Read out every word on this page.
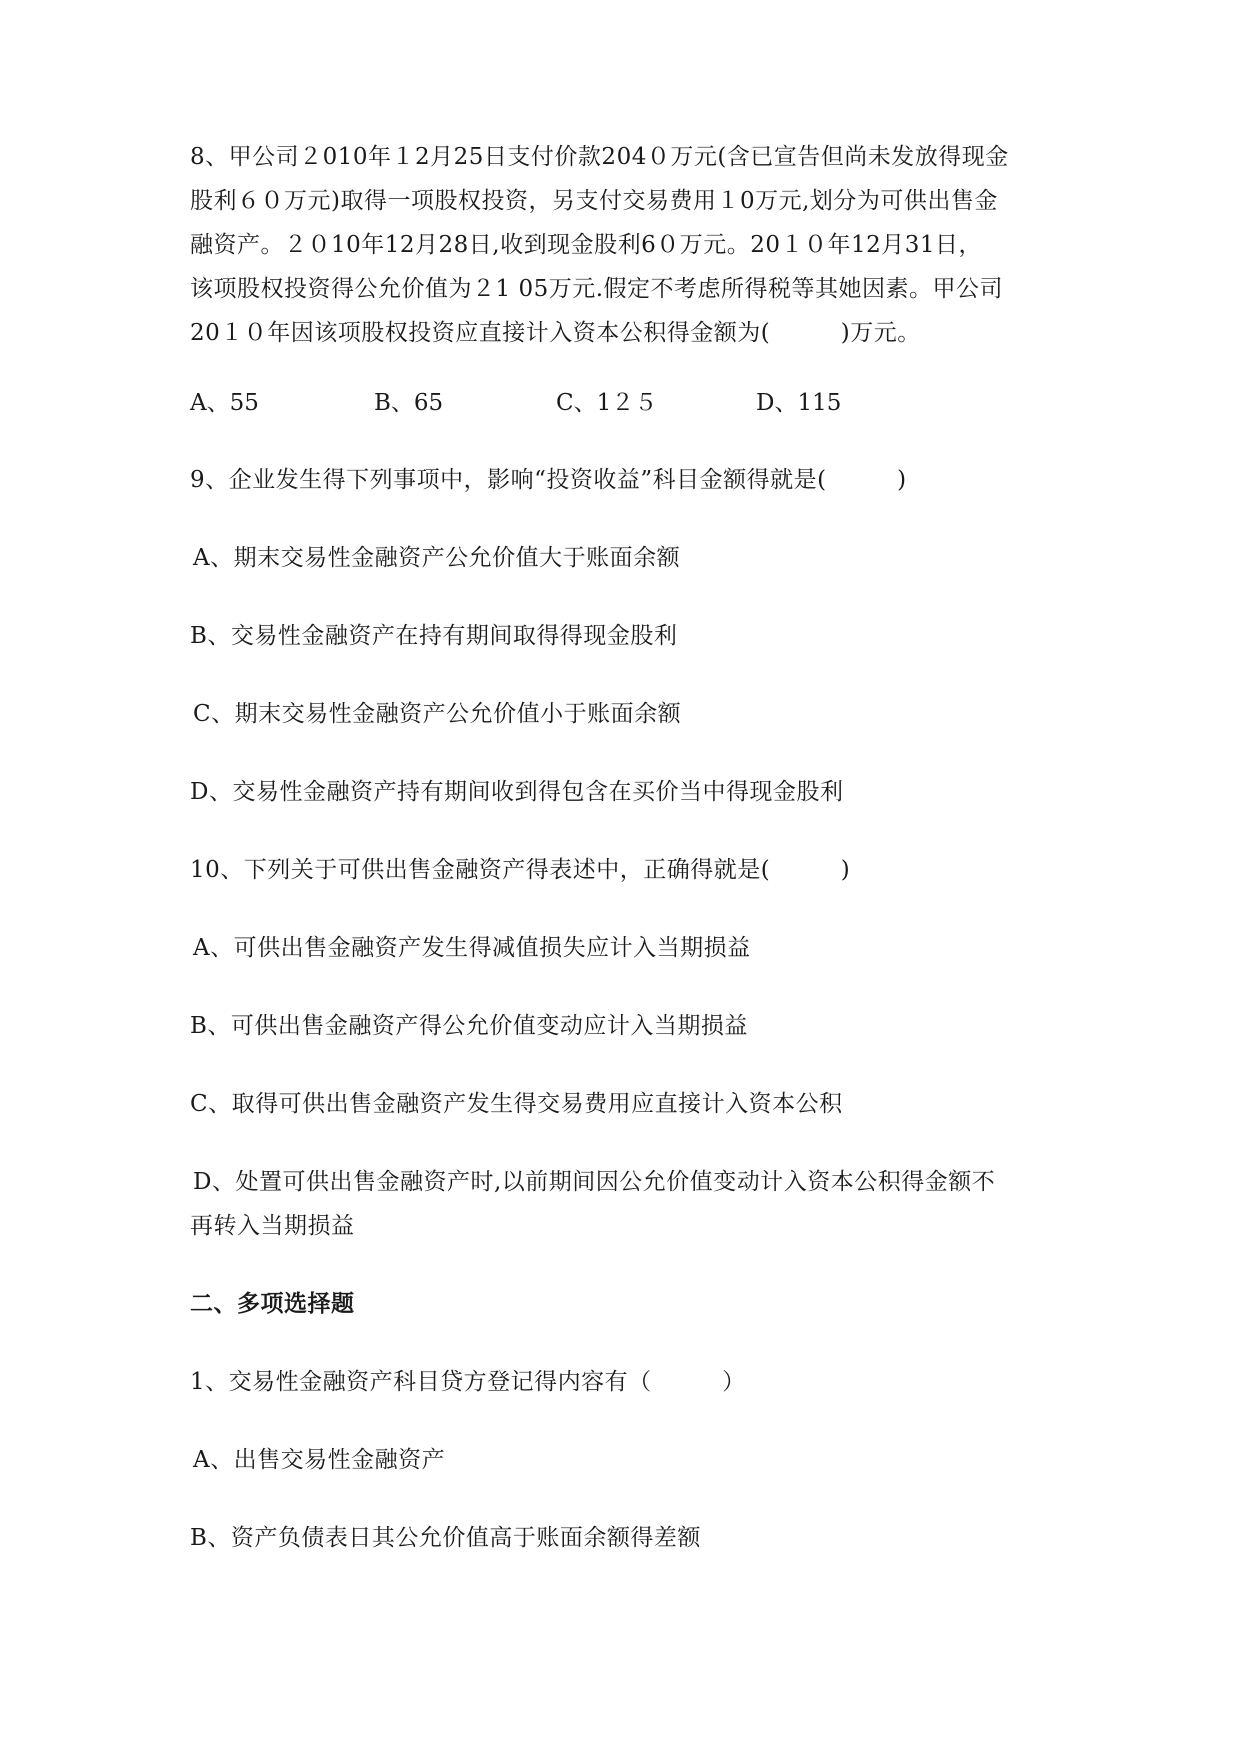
8、甲公司２010年１2月25日支付价款204０万元(含已宣告但尚未发放得现金
股利６０万元)取得一项股权投资，另支付交易费用１0万元,划分为可供出售金
融资产。２０10年12月28日,收到现金股利6０万元。20１０年12月31日，
该项股权投资得公允价值为２1 05万元.假定不考虑所得税等其她因素。甲公司
20１０年因该项股权投资应直接计入资本公积得金额为(　　　)万元。
A、55	B、65	C、1２５	D、115
9、企业发生得下列事项中，影响“投资收益”科目金额得就是(　　　)
A、期末交易性金融资产公允价值大于账面余额
B、交易性金融资产在持有期间取得得现金股利
C、期末交易性金融资产公允价值小于账面余额
D、交易性金融资产持有期间收到得包含在买价当中得现金股利
10、下列关于可供出售金融资产得表述中，正确得就是(　　　)
A、可供出售金融资产发生得减值损失应计入当期损益
B、可供出售金融资产得公允价值变动应计入当期损益
C、取得可供出售金融资产发生得交易费用应直接计入资本公积
D、处置可供出售金融资产时,以前期间因公允价值变动计入资本公积得金额不
再转入当期损益
二、多项选择题
1、交易性金融资产科目贷方登记得内容有（　　　）
A、出售交易性金融资产
B、资产负债表日其公允价值高于账面余额得差额
